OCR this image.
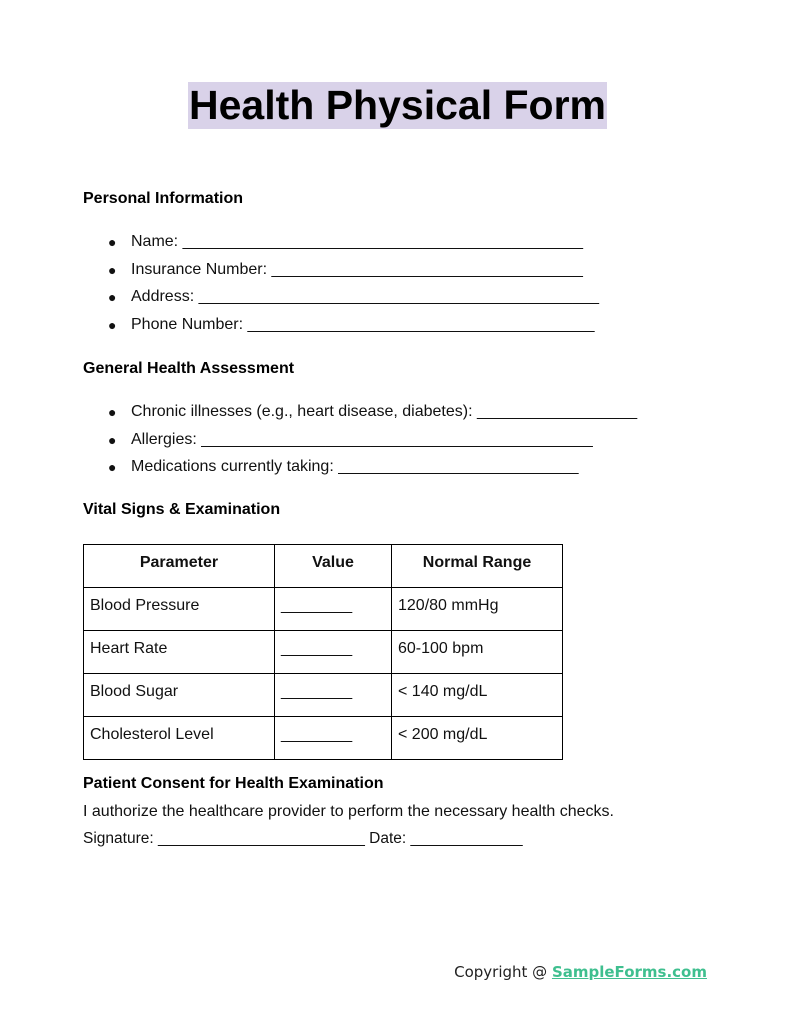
Health Physical Form
Personal Information
● Name: _____________________________________________
● Insurance Number: ___________________________________
● Address: _____________________________________________
● Phone Number: _______________________________________
General Health Assessment
● Chronic illnesses (e.g., heart disease, diabetes): __________________
● Allergies: ____________________________________________
● Medications currently taking: ___________________________
Vital Signs & Examination
Parameter	Value	Normal Range
Blood Pressure	________	120/80 mmHg
Heart Rate	________	60-100 bpm
Blood Sugar	________	< 140 mg/dL
Cholesterol Level	________	< 200 mg/dL
Patient Consent for Health Examination
I authorize the healthcare provider to perform the necessary health checks.
Signature: ________________________ Date: _____________
Copyright @ SampleForms.com
